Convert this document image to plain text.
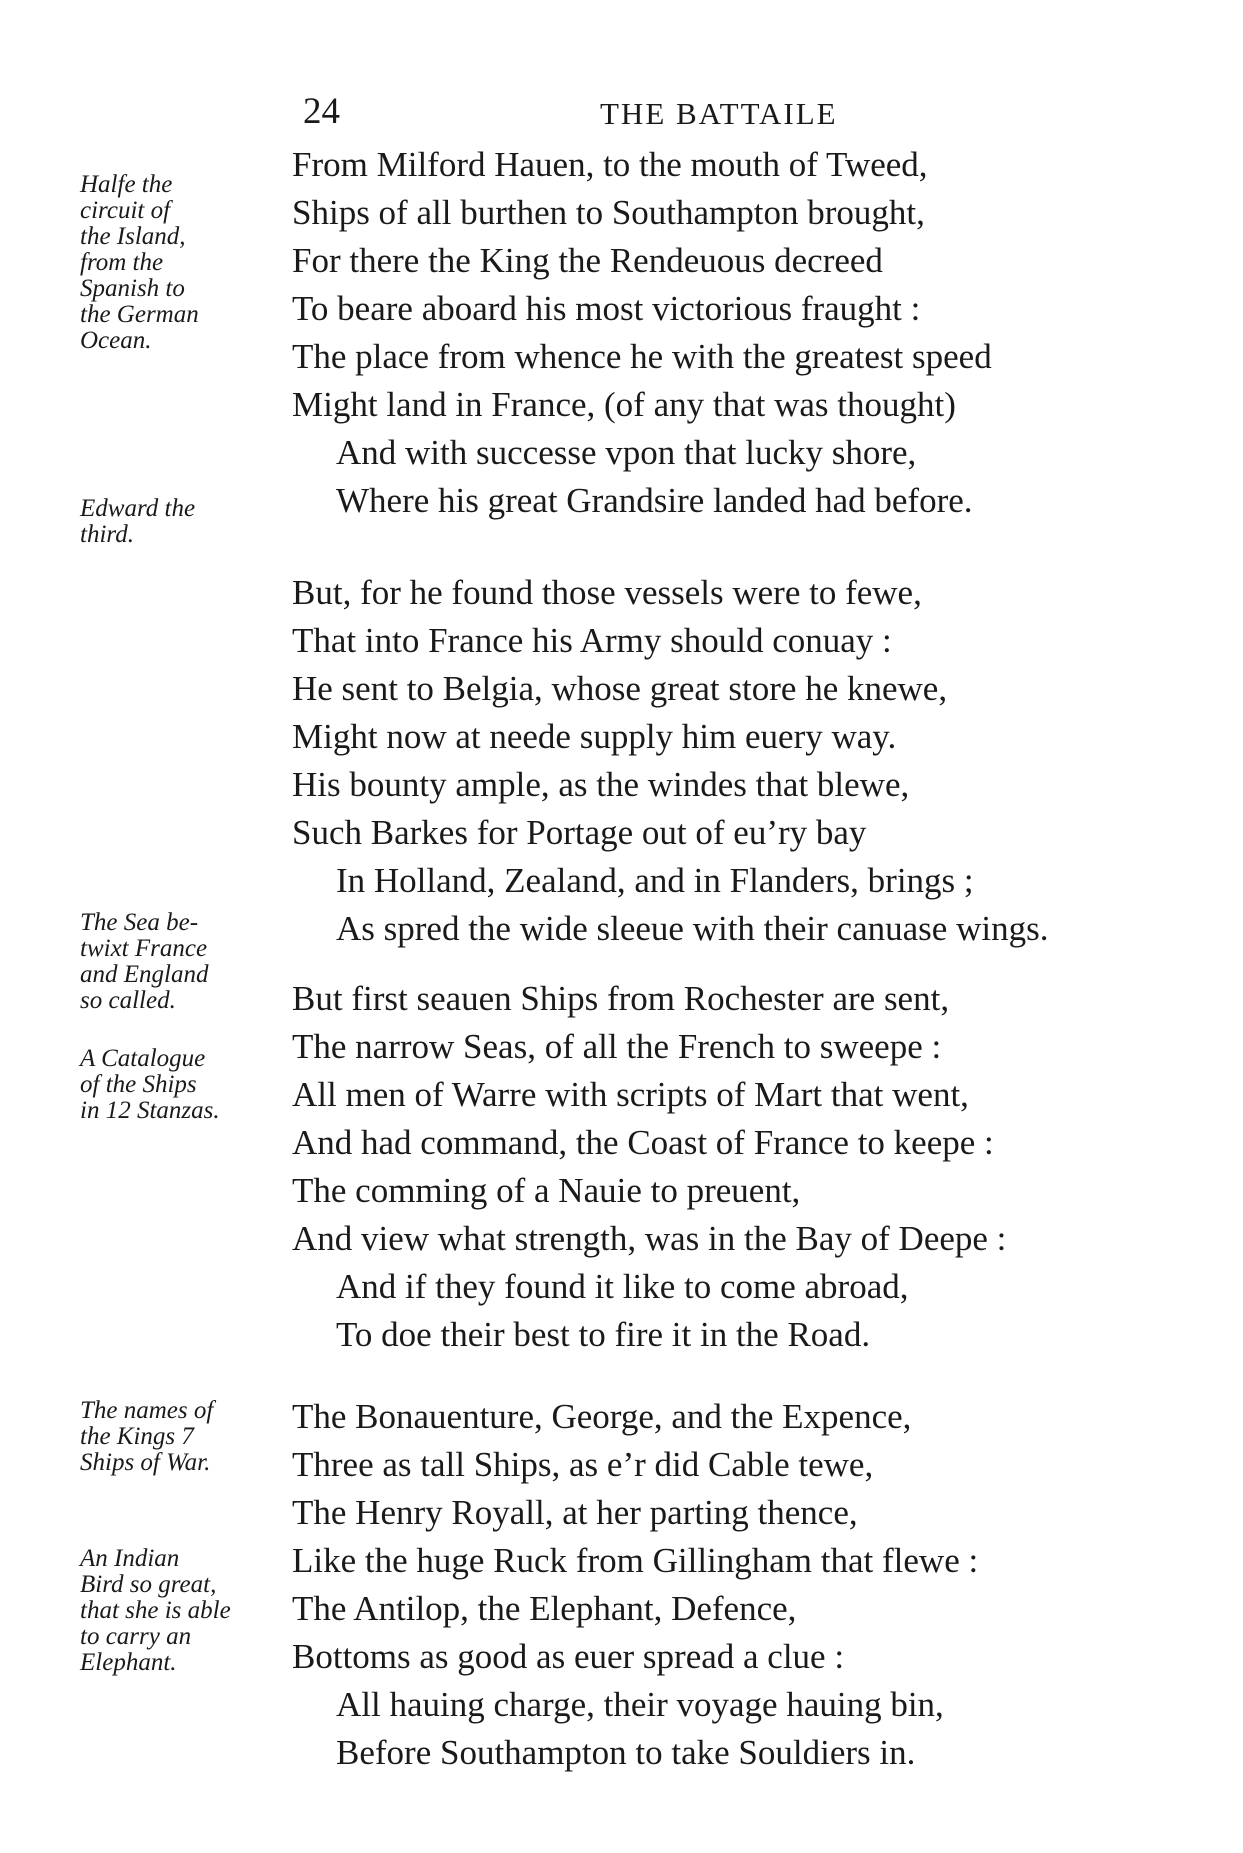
24	THE BATTAILE
From Milford Hauen, to the mouth of Tweed,
Ships of all burthen to Southampton brought,
For there the King the Rendeuous decreed
To beare aboard his most victorious fraught :
The place from whence he with the greatest speed
Might land in France, (of any that was thought)
And with successe vpon that lucky shore,
Where his great Grandsire landed had before.
But, for he found those vessels were to fewe,
That into France his Army should conuay :
He sent to Belgia, whose great store he knewe,
Might now at neede supply him euery way.
His bounty ample, as the windes that blewe,
Such Barkes for Portage out of eu’ry bay
In Holland, Zealand, and in Flanders, brings ;
As spred the wide sleeue with their canuase wings.
But first seauen Ships from Rochester are sent,
The narrow Seas, of all the French to sweepe :
All men of Warre with scripts of Mart that went,
And had command, the Coast of France to keepe :
The comming of a Nauie to preuent,
And view what strength, was in the Bay of Deepe :
And if they found it like to come abroad,
To doe their best to fire it in the Road.
The Bonauenture, George, and the Expence,
Three as tall Ships, as e’r did Cable tewe,
The Henry Royall, at her parting thence,
Like the huge Ruck from Gillingham that flewe :
The Antilop, the Elephant, Defence,
Bottoms as good as euer spread a clue :
All hauing charge, their voyage hauing bin,
Before Southampton to take Souldiers in.
Halfe the
circuit of
the Island,
from the
Spanish to
the German
Ocean.
Edward the
third.
The Sea be-
twixt France
and England
so called.
A Catalogue
of the Ships
in 12 Stanzas.
The names of
the Kings 7
Ships of War.
An Indian
Bird so great,
that she is able
to carry an
Elephant.
